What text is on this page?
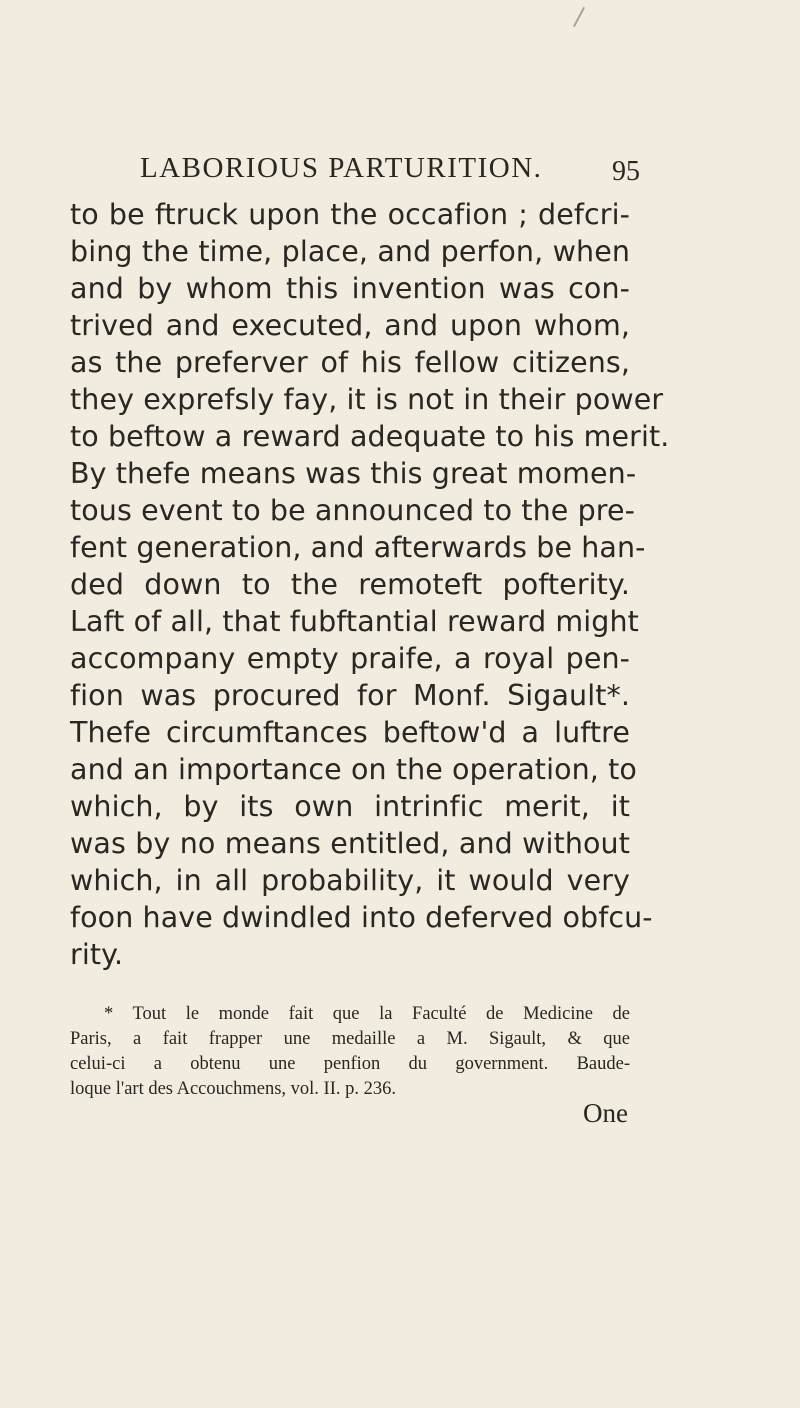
LABORIOUS PARTURITION. 95
to be ftruck upon the occafion ; defcri-
bing the time, place, and perfon, when
and by whom this invention was con-
trived and executed, and upon whom,
as the preferver of his fellow citizens,
they exprefsly fay, it is not in their power
to beftow a reward adequate to his merit.
By thefe means was this great momen-
tous event to be announced to the pre-
fent generation, and afterwards be han-
ded down to the remoteft pofterity.
Laft of all, that fubftantial reward might
accompany empty praife, a royal pen-
fion was procured for Monf. Sigault*.
Thefe circumftances beftow'd a luftre
and an importance on the operation, to
which, by its own intrinfic merit, it
was by no means entitled, and without
which, in all probability, it would very
foon have dwindled into deferved obfcu-
rity.
* Tout le monde fait que la Faculté de Medicine de
Paris, a fait frapper une medaille a M. Sigault, & que
celui-ci a obtenu une penfion du government. Baude-
loque l'art des Accouchmens, vol. II. p. 236.
One
